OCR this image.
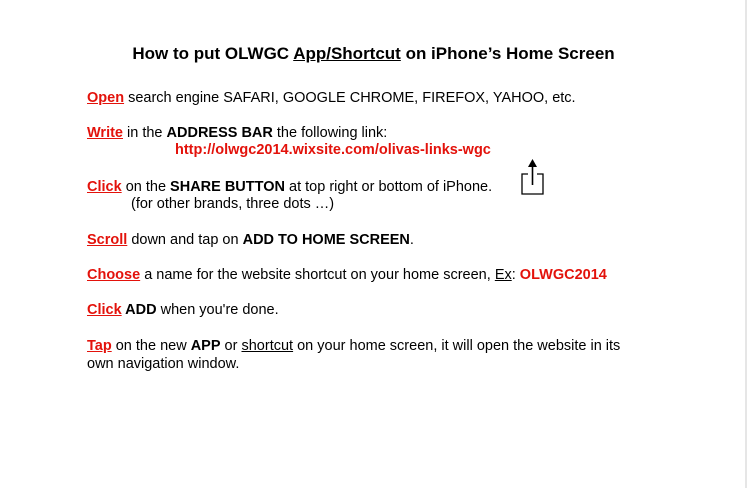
How to put OLWGC App/Shortcut on iPhone’s Home Screen
Open search engine SAFARI, GOOGLE CHROME, FIREFOX, YAHOO, etc.
Write in the ADDRESS BAR the following link:
http://olwgc2014.wixsite.com/olivas-links-wgc
Click on the SHARE BUTTON at top right or bottom of iPhone.
(for other brands, three dots …)
Scroll down and tap on ADD TO HOME SCREEN.
Choose a name for the website shortcut on your home screen, Ex: OLWGC2014
Click ADD when you're done.
Tap on the new APP or shortcut on your home screen, it will open the website in its
own navigation window.
